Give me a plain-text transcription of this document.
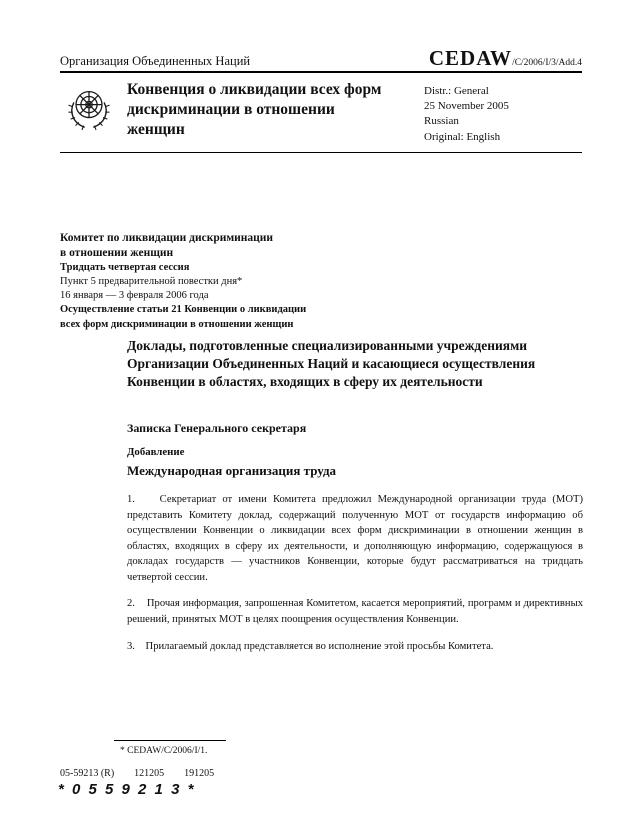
Организация Объединенных Наций	CEDAW/C/2006/I/3/Add.4
Конвенция о ликвидации всех форм дискриминации в отношении женщин
Distr.: General
25 November 2005
Russian
Original: English
Комитет по ликвидации дискриминации
в отношении женщин
Тридцать четвертая сессия
Пункт 5 предварительной повестки дня*
16 января — 3 февраля 2006 года
Осуществление статьи 21 Конвенции о ликвидации
всех форм дискриминации в отношении женщин
Доклады, подготовленные специализированными учреждениями Организации Объединенных Наций и касающиеся осуществления Конвенции в областях, входящих в сферу их деятельности
Записка Генерального секретаря
Добавление
Международная организация труда

1.    Секретариат от имени Комитета предложил Международной организации труда (МОТ) представить Комитету доклад, содержащий полученную МОТ от государств информацию об осуществлении Конвенции о ликвидации всех форм дискриминации в отношении женщин в областях, входящих в сферу их деятельности, и дополняющую информацию, содержащуюся в докладах государств — участников Конвенции, которые будут рассматриваться на тридцать четвертой сессии.

2.    Прочая информация, запрошенная Комитетом, касается мероприятий, программ и директивных решений, принятых МОТ в целях поощрения осуществления Конвенции.

3.    Прилагаемый доклад представляется во исполнение этой просьбы Комитета.

* CEDAW/C/2006/I/1.
05-59213 (R) 121205 191205
* 0 5 5 9 2 1 3 *
